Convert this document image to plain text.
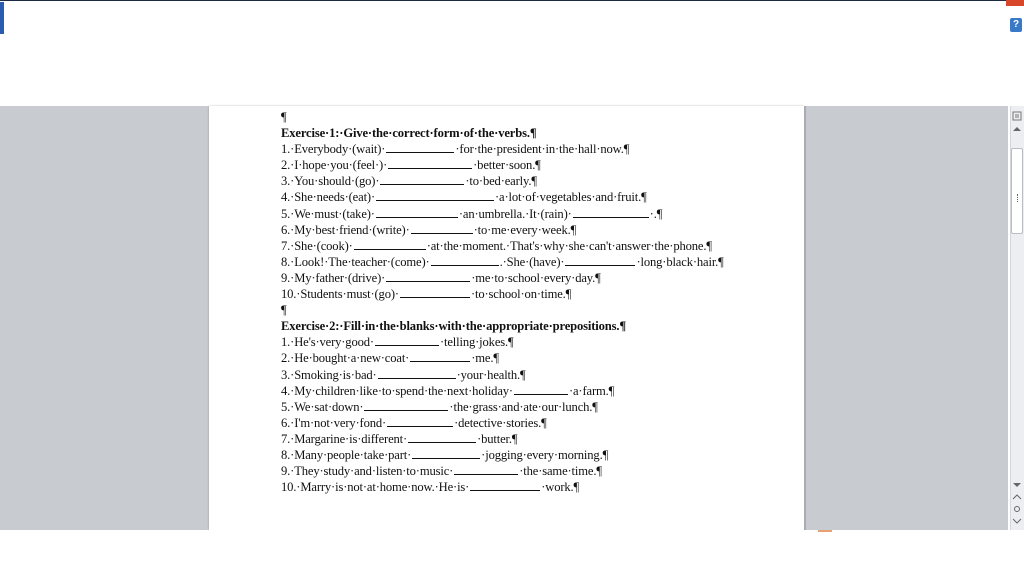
?
¶
Exercise·1:·Give·the·correct·form·of·the·verbs.¶
1.·Everybody·(wait)·	·for·the·president·in·the·hall·now.¶
2.·I·hope·you·(feel·)·	·better·soon.¶
3.·You·should·(go)·	·to·bed·early.¶
4.·She·needs·(eat)·	·a·lot·of·vegetables·and·fruit.¶
5.·We·must·(take)·	·an·umbrella.·It·(rain)·	·.¶
6.·My·best·friend·(write)·	·to·me·every·week.¶
7.·She·(cook)·	·at·the·moment.·That's·why·she·can't·answer·the·phone.¶
8.·Look!·The·teacher·(come)·	.·She·(have)·	·long·black·hair.¶
9.·My·father·(drive)·	·me·to·school·every·day.¶
10.·Students·must·(go)·	·to·school·on·time.¶
¶
Exercise·2:·Fill·in·the·blanks·with·the·appropriate·prepositions.¶
1.·He's·very·good·	·telling·jokes.¶
2.·He·bought·a·new·coat·	·me.¶
3.·Smoking·is·bad·	·your·health.¶
4.·My·children·like·to·spend·the·next·holiday·	·a·farm.¶
5.·We·sat·down·	·the·grass·and·ate·our·lunch.¶
6.·I'm·not·very·fond·	·detective·stories.¶
7.·Margarine·is·different·	·butter.¶
8.·Many·people·take·part·	·jogging·every·morning.¶
9.·They·study·and·listen·to·music·	·the·same·time.¶
10.·Marry·is·not·at·home·now.·He·is·	·work.¶
